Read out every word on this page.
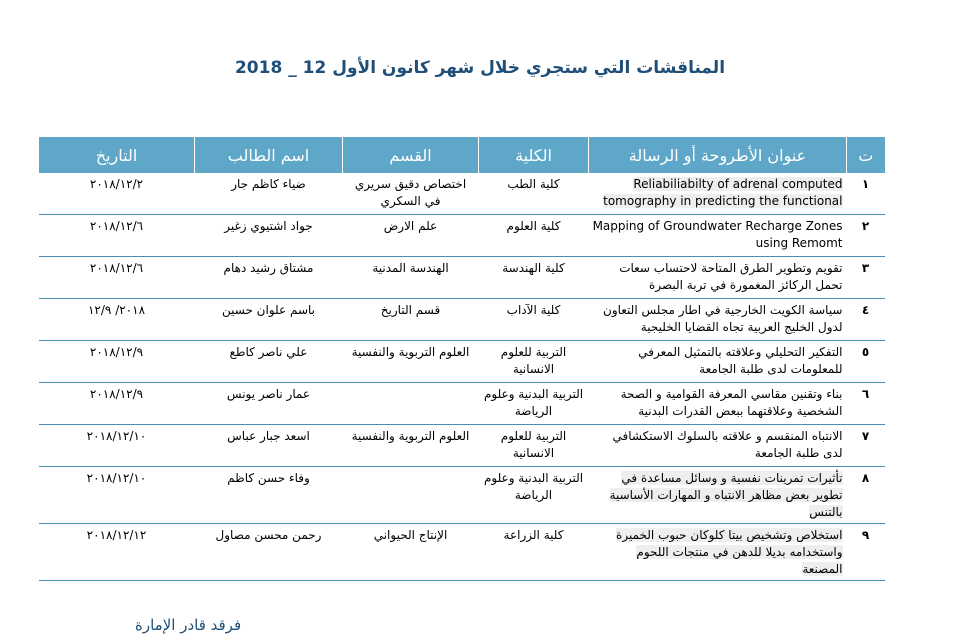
المناقشات التي ستجري خلال شهر كانون الأول 12 _ 2018
ت	عنوان الأطروحة أو الرسالة	الكلية	القسم	اسم الطالب	التاريخ
١	Reliabiliabilty of adrenal computed tomography in predicting the functional	كلية الطب	اختصاص دقيق سريري في السكري	ضياء كاظم جار	٢٠١٨/١٢/٢
٢	Mapping of Groundwater Recharge Zones using Remomt	كلية العلوم	علم الارض	جواد اشتيوي زغير	٢٠١٨/١٢/٦
٣	تقويم وتطوير الطرق المتاحة لاحتساب سعات تحمل الركائز المغمورة في تربة البصرة	كلية الهندسة	الهندسة المدنية	مشتاق رشيد دهام	٢٠١٨/١٢/٦
٤	سياسة الكويت الخارجية في اطار مجلس التعاون لدول الخليج العربية تجاه القضايا الخليجية	كلية الآداب	قسم التاريخ	باسم علوان حسين	٢٠١٨/ ١٢/٩
٥	التفكير التحليلي وعلاقته بالتمثيل المعرفي للمعلومات لدى طلبة الجامعة	التربية للعلوم الانسانية	العلوم التربوية والنفسية	علي ناصر كاطع	٢٠١٨/١٢/٩
٦	بناء وتقنين مقاسي المعرفة القوامية و الصحة الشخصية وعلاقتهما ببعض القدرات البدنية	التربية البدنية وعلوم الرياضة		عمار ناصر يونس	٢٠١٨/١٢/٩
٧	الانتباه المنقسم و علاقته بالسلوك الاستكشافي لدى طلبة الجامعة	التربية للعلوم الانسانية	العلوم التربوية والنفسية	اسعد جبار عباس	٢٠١٨/١٢/١٠
٨	تأثيرات تمرينات نفسية و وسائل مساعدة في تطوير بعض مظاهر الانتباه و المهارات الأساسية بالتنس	التربية البدنية وعلوم الرياضة		وفاء حسن كاظم	٢٠١٨/١٢/١٠
٩	استخلاص وتشخيص بيتا كلوكان حبوب الخميرة واستخدامه بديلا للدهن في منتجات اللحوم المصنعة	كلية الزراعة	الإنتاج الحيواني	رحمن محسن مصاول	٢٠١٨/١٢/١٢
فرقد قادر الإمارة
